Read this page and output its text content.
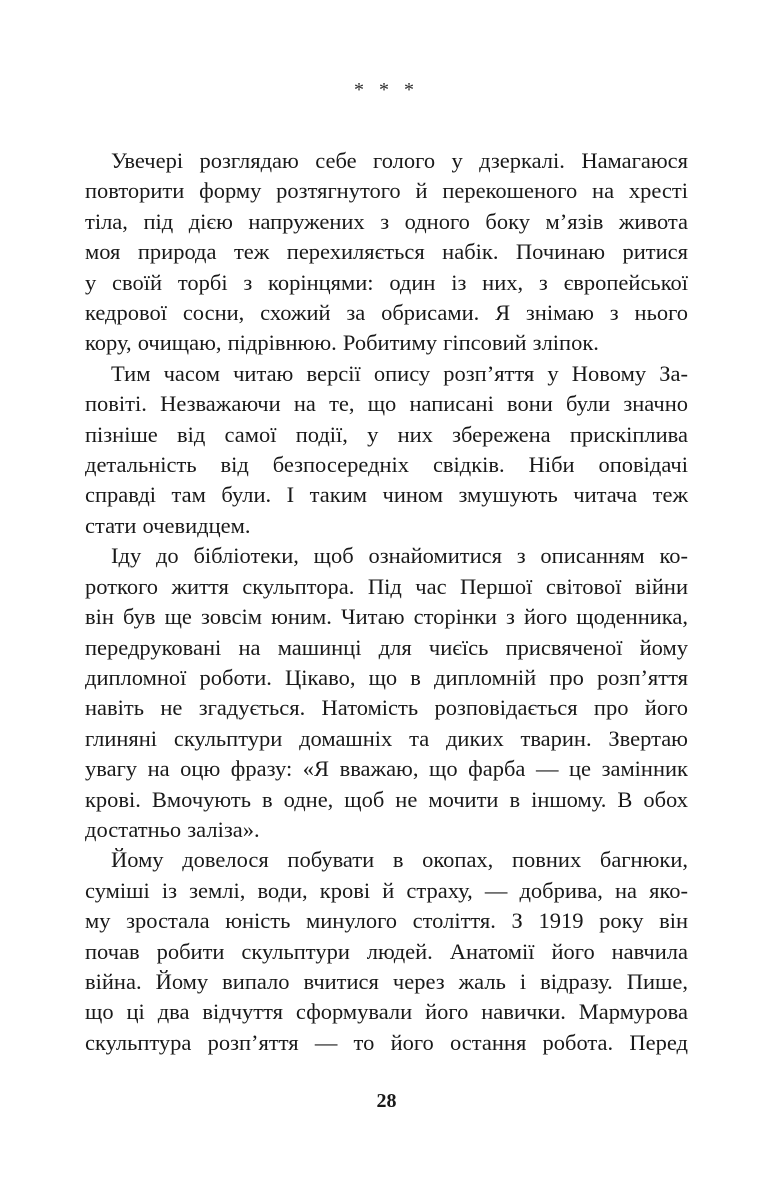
* * *
Увечері розглядаю себе голого у дзеркалі. Намагаюся
повторити форму розтягнутого й перекошеного на хресті
тіла, під дією напружених з одного боку м’язів живота
моя природа теж перехиляється набік. Починаю ритися
у своїй торбі з корінцями: один із них, з європейської
кедрової сосни, схожий за обрисами. Я знімаю з нього
кору, очищаю, підрівнюю. Робитиму гіпсовий зліпок.
Тим часом читаю версії опису розп’яття у Новому За-
повіті. Незважаючи на те, що написані вони були значно
пізніше від самої події, у них збережена прискіплива
детальність від безпосередніх свідків. Ніби оповідачі
справді там були. І таким чином змушують читача теж
стати очевидцем.
Іду до бібліотеки, щоб ознайомитися з описанням ко-
роткого життя скульптора. Під час Першої світової війни
він був ще зовсім юним. Читаю сторінки з його щоденника,
передруковані на машинці для чиєїсь присвяченої йому
дипломної роботи. Цікаво, що в дипломній про розп’яття
навіть не згадується. Натомість розповідається про його
глиняні скульптури домашніх та диких тварин. Звертаю
увагу на оцю фразу: «Я вважаю, що фарба — це замінник
крові. Вмочують в одне, щоб не мочити в іншому. В обох
достатньо заліза».
Йому довелося побувати в окопах, повних багнюки,
суміші із землі, води, крові й страху, — добрива, на яко-
му зростала юність минулого століття. З 1919 року він
почав робити скульптури людей. Анатомії його навчила
війна. Йому випало вчитися через жаль і відразу. Пише,
що ці два відчуття сформували його навички. Мармурова
скульптура розп’яття — то його остання робота. Перед
28
